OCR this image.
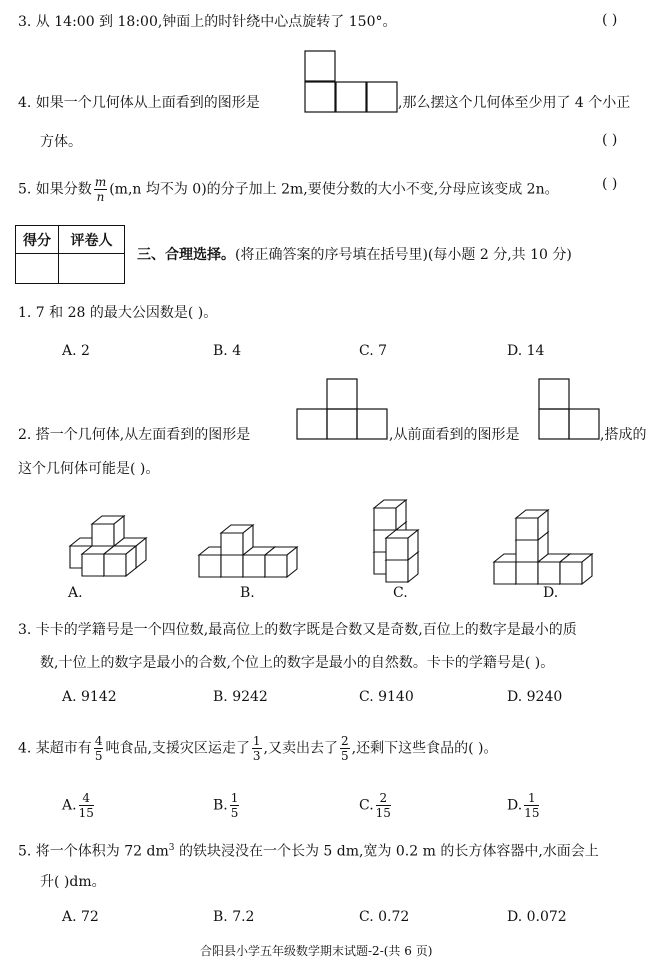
3. 从 14:00 到 18:00,钟面上的时针绕中心点旋转了 150°。	( )
4. 如果一个几何体从上面看到的图形是	,那么摆这个几何体至少用了 4 个小正
方体。	( )
5. 如果分数 $\frac{m}{n} (m,n$ 均不为 0)的分子加上 2m,要使分数的大小不变,分母应该变成 2n。	( )
得分	评卷人

三、合理选择。(将正确答案的序号填在括号里)(每小题 2 分,共 10 分)
1. 7 和 28 的最大公因数是( )。
A. 2	B. 4	C. 7	D. 14
2. 搭一个几何体,从左面看到的图形是	,从前面看到的图形是	,搭成的
这个几何体可能是( )。
A.	B.	C.	D.
3. 卡卡的学籍号是一个四位数,最高位上的数字既是合数又是奇数,百位上的数字是最小的质
数,十位上的数字是最小的合数,个位上的数字是最小的自然数。卡卡的学籍号是( )。
A. 9142	B. 9242	C. 9140	D. 9240
4. 某超市有 $\frac{4}{5}$ 吨食品,支援灾区运走了 $\frac{1}{3}$ ,又卖出去了 $\frac{2}{5}$ ,还剩下这些食品的( )。
A. $\frac{4}{15}$	B. $\frac{1}{5}$	C. $\frac{2}{15}$	D. $\frac{1}{15}$
5. 将一个体积为 72 $dm^3$ 的铁块浸没在一个长为 5 dm,宽为 0.2 m 的长方体容器中,水面会上
升( )dm。
A. 72	B. 7.2	C. 0.72	D. 0.072
合阳县小学五年级数学期末试题-2-(共 6 页)
